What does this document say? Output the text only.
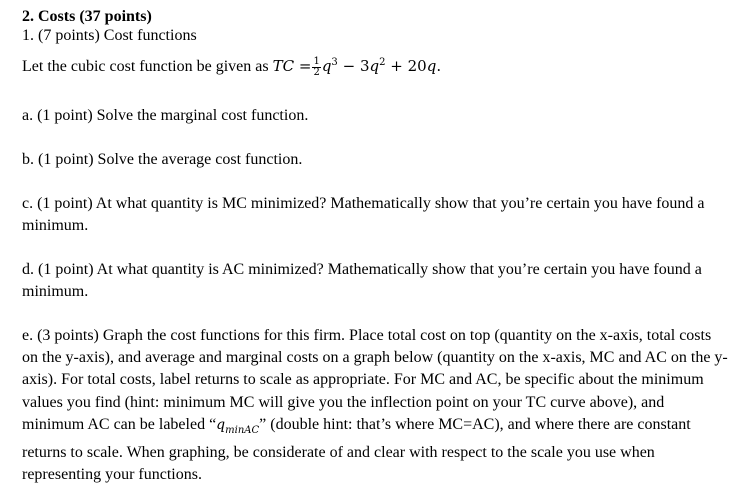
2. Costs (37 points)

1. (7 points) Cost functions

Let the cubic cost function be given as TC = $\frac{1}{2} q^3 - 3q^2 + 20q$.

a. (1 point) Solve the marginal cost function.

b. (1 point) Solve the average cost function.

c. (1 point) At what quantity is MC minimized? Mathematically show that you’re certain you have found a minimum.

d. (1 point) At what quantity is AC minimized? Mathematically show that you’re certain you have found a minimum.

e. (3 points) Graph the cost functions for this firm. Place total cost on top (quantity on the x-axis, total costs on the y-axis), and average and marginal costs on a graph below (quantity on the x-axis, MC and AC on the y-axis). For total costs, label returns to scale as appropriate. For MC and AC, be specific about the minimum values you find (hint: minimum MC will give you the inflection point on your TC curve above), and minimum AC can be labeled “$q_{minAC}$” (double hint: that’s where MC=AC), and where there are constant returns to scale. When graphing, be considerate of and clear with respect to the scale you use when representing your functions.
